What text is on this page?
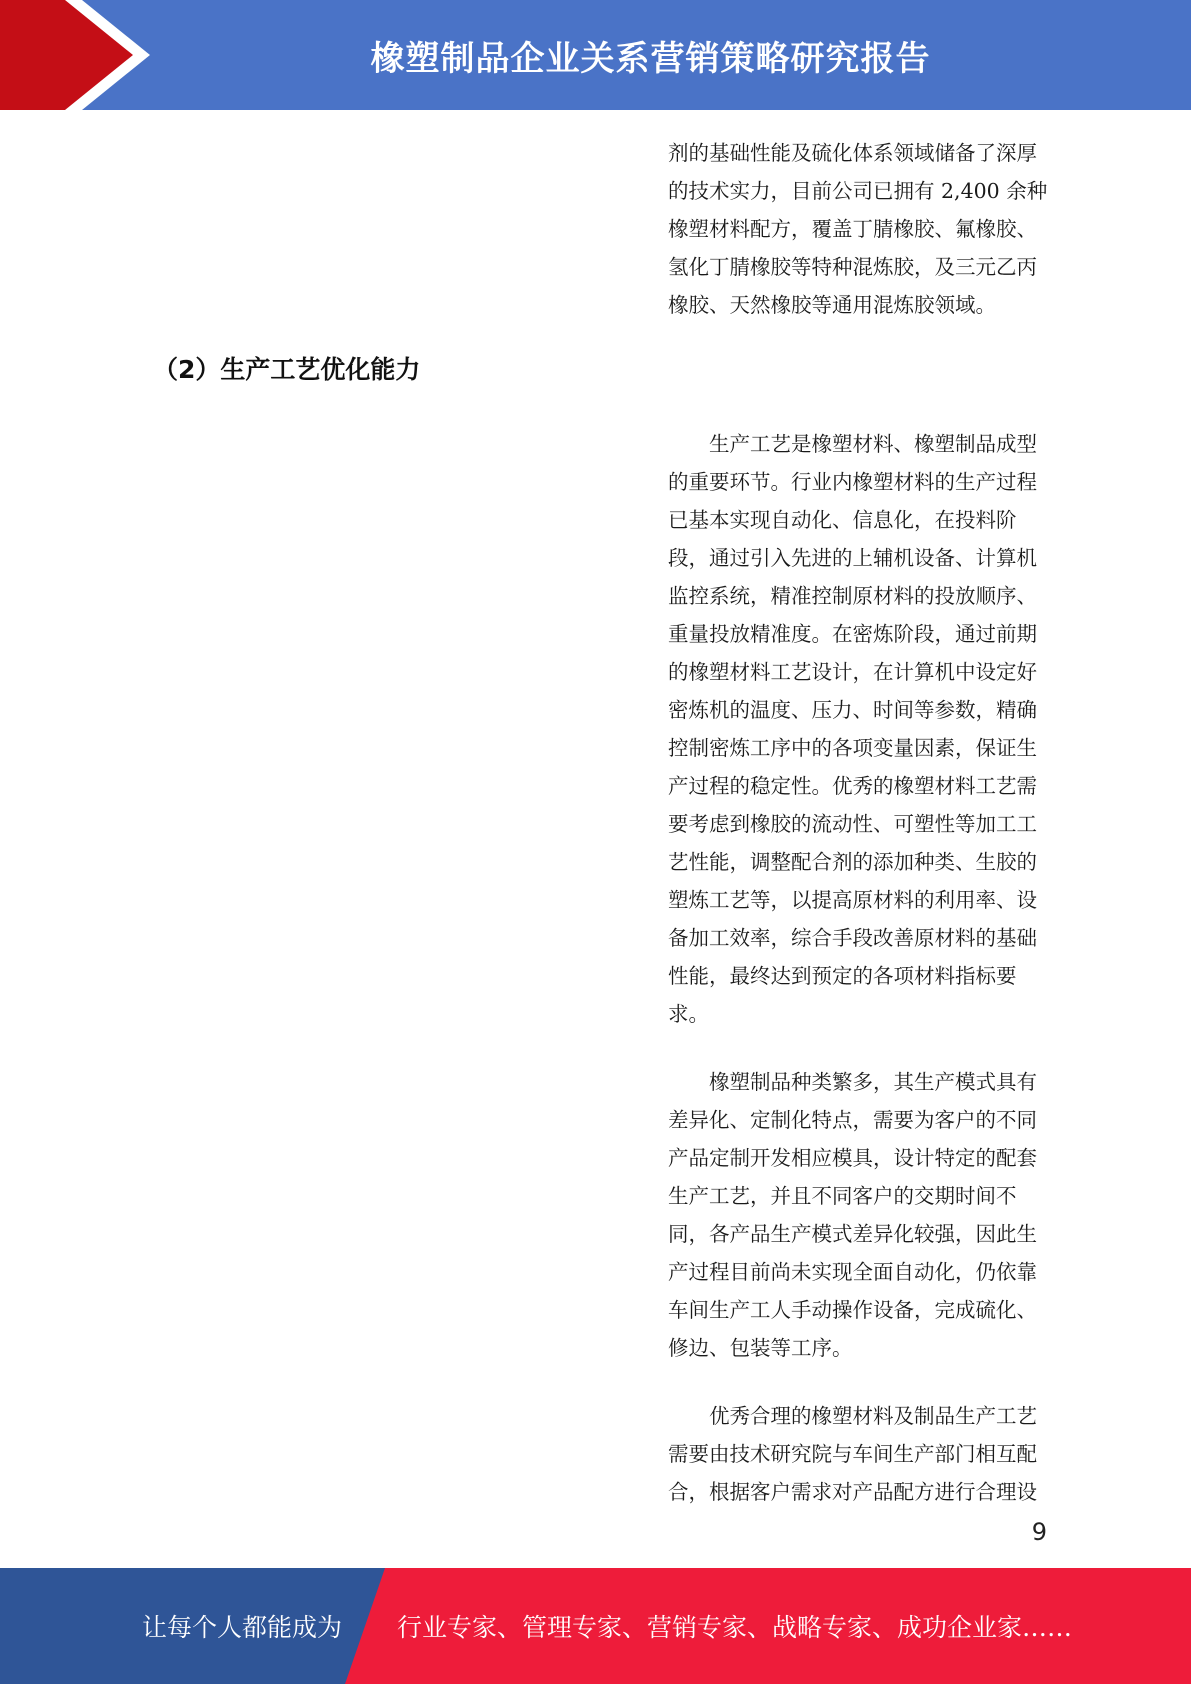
橡塑制品企业关系营销策略研究报告

剂的基础性能及硫化体系领域储备了深厚的技术实力，目前公司已拥有 2,400 余种橡塑材料配方，覆盖丁腈橡胶、氟橡胶、氢化丁腈橡胶等特种混炼胶，及三元乙丙橡胶、天然橡胶等通用混炼胶领域。

（2）生产工艺优化能力

生产工艺是橡塑材料、橡塑制品成型的重要环节。行业内橡塑材料的生产过程已基本实现自动化、信息化，在投料阶段，通过引入先进的上辅机设备、计算机监控系统，精准控制原材料的投放顺序、重量投放精准度。在密炼阶段，通过前期的橡塑材料工艺设计，在计算机中设定好密炼机的温度、压力、时间等参数，精确控制密炼工序中的各项变量因素，保证生产过程的稳定性。优秀的橡塑材料工艺需要考虑到橡胶的流动性、可塑性等加工工艺性能，调整配合剂的添加种类、生胶的塑炼工艺等，以提高原材料的利用率、设备加工效率，综合手段改善原材料的基础性能，最终达到预定的各项材料指标要求。

橡塑制品种类繁多，其生产模式具有差异化、定制化特点，需要为客户的不同产品定制开发相应模具，设计特定的配套生产工艺，并且不同客户的交期时间不同，各产品生产模式差异化较强，因此生产过程目前尚未实现全面自动化，仍依靠车间生产工人手动操作设备，完成硫化、修边、包装等工序。

优秀合理的橡塑材料及制品生产工艺需要由技术研究院与车间生产部门相互配合，根据客户需求对产品配方进行合理设

9
让每个人都能成为 行业专家、管理专家、营销专家、战略专家、成功企业家……
